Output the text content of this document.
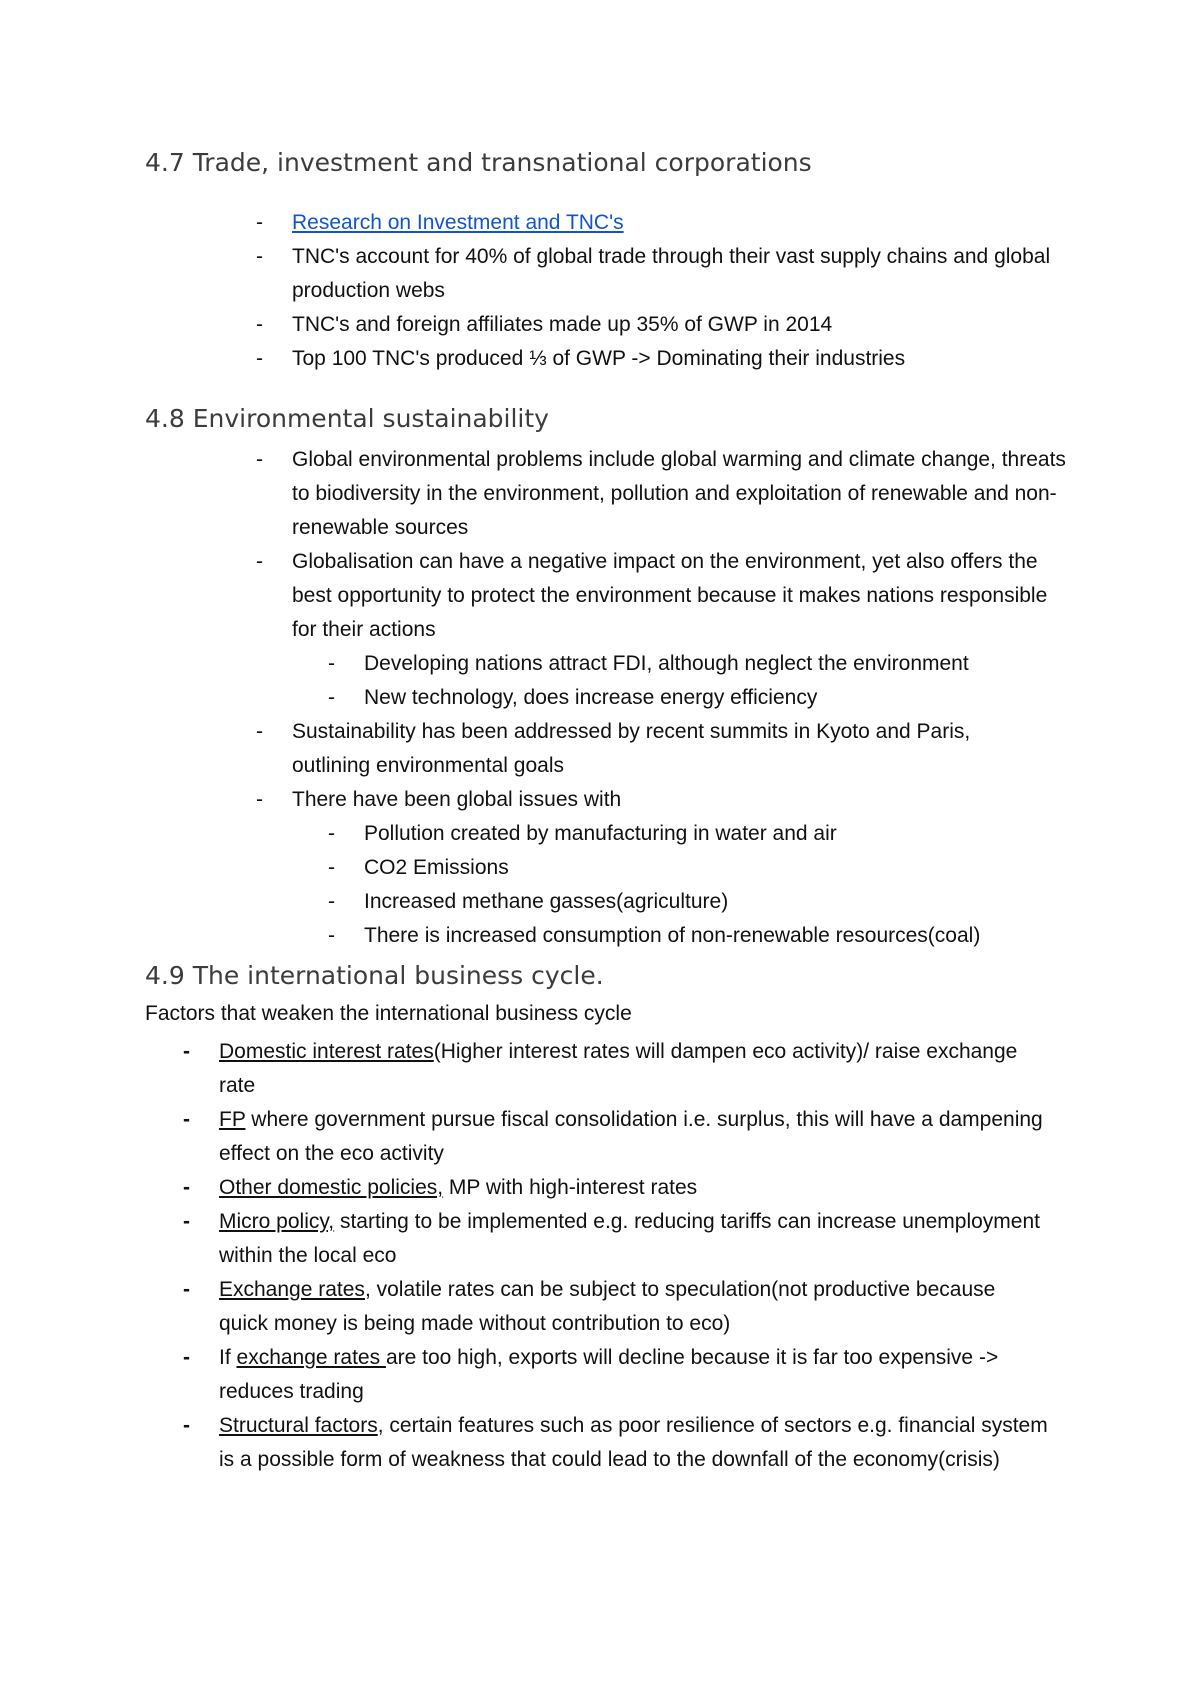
4.7 Trade, investment and transnational corporations
- Research on Investment and TNC's
- TNC's account for 40% of global trade through their vast supply chains and global production webs
- TNC's and foreign affiliates made up 35% of GWP in 2014
- Top 100 TNC's produced ⅓ of GWP -> Dominating their industries
4.8 Environmental sustainability
- Global environmental problems include global warming and climate change, threats to biodiversity in the environment, pollution and exploitation of renewable and non-renewable sources
- Globalisation can have a negative impact on the environment, yet also offers the best opportunity to protect the environment because it makes nations responsible for their actions
- Developing nations attract FDI, although neglect the environment
- New technology, does increase energy efficiency
- Sustainability has been addressed by recent summits in Kyoto and Paris, outlining environmental goals
- There have been global issues with
- Pollution created by manufacturing in water and air
- CO2 Emissions
- Increased methane gasses(agriculture)
- There is increased consumption of non-renewable resources(coal)
4.9 The international business cycle.

Factors that weaken the international business cycle

- Domestic interest rates(Higher interest rates will dampen eco activity)/ raise exchange rate
- FP where government pursue fiscal consolidation i.e. surplus, this will have a dampening effect on the eco activity
- Other domestic policies, MP with high-interest rates
- Micro policy, starting to be implemented e.g. reducing tariffs can increase unemployment within the local eco
- Exchange rates, volatile rates can be subject to speculation(not productive because quick money is being made without contribution to eco)
- If exchange rates are too high, exports will decline because it is far too expensive -> reduces trading
- Structural factors, certain features such as poor resilience of sectors e.g. financial system is a possible form of weakness that could lead to the downfall of the economy(crisis)
